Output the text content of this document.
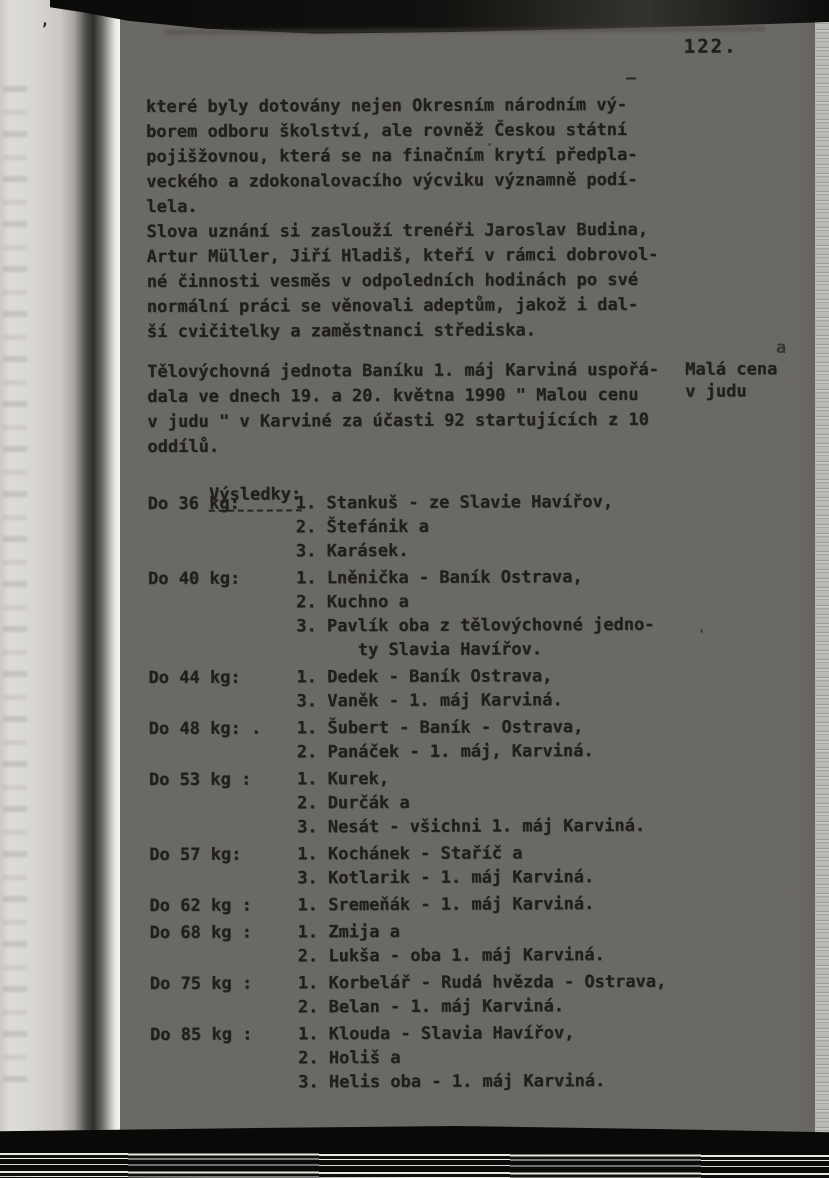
–
’
a
122.
které byly dotovány nejen Okresním národním vý-
borem odboru školství, ale rovněž Českou státní
pojišžovnou, která se na finačním krytí předpla-
veckého a zdokonalovacího výcviku významně podí-
lela.
Slova uznání si zaslouží trenéři Jaroslav Budina,
Artur Müller, Jiří Hladiš, kteří v rámci dobrovol-
né činnosti vesměs v odpoledních hodinách po své
normální práci se věnovali adeptům, jakož i dal-
ší cvičitelky a zaměstnanci střediska.
Tělovýchovná jednota Baníku 1. máj Karviná uspořá-
dala ve dnech 19. a 20. května 1990 " Malou cenu
v judu " v Karviné za účasti 92 startujících z 10
oddílů.
Malá cena
v judu

Výsledky:

Do 36 kg:	1. Stankuš - ze Slavie Havířov,
2. Štefánik a
3. Karásek.
Do 40 kg:	1. Lněnička - Baník Ostrava,
2. Kuchno a
3. Pavlík oba z tělovýchovné jedno-
ty Slavia Havířov.
Do 44 kg:	1. Dedek - Baník Ostrava,
3. Vaněk - 1. máj Karviná.
Do 48 kg: . 1. Šubert - Baník - Ostrava,
2. Panáček - 1. máj, Karviná.
Do 53 kg :	1. Kurek,
2. Durčák a
3. Nesát - všichni 1. máj Karviná.
Do 57 kg:	1. Kochánek - Staříč a
3. Kotlarik - 1. máj Karviná.
Do 62 kg :	1. Sremeňák - 1. máj Karviná.
Do 68 kg :	1. Zmija a
2. Lukša - oba 1. máj Karviná.
Do 75 kg :	1. Korbelář - Rudá hvězda - Ostrava,
2. Belan - 1. máj Karviná.
Do 85 kg :	1. Klouda - Slavia Havířov,
2. Holiš a
3. Helis oba - 1. máj Karviná.
